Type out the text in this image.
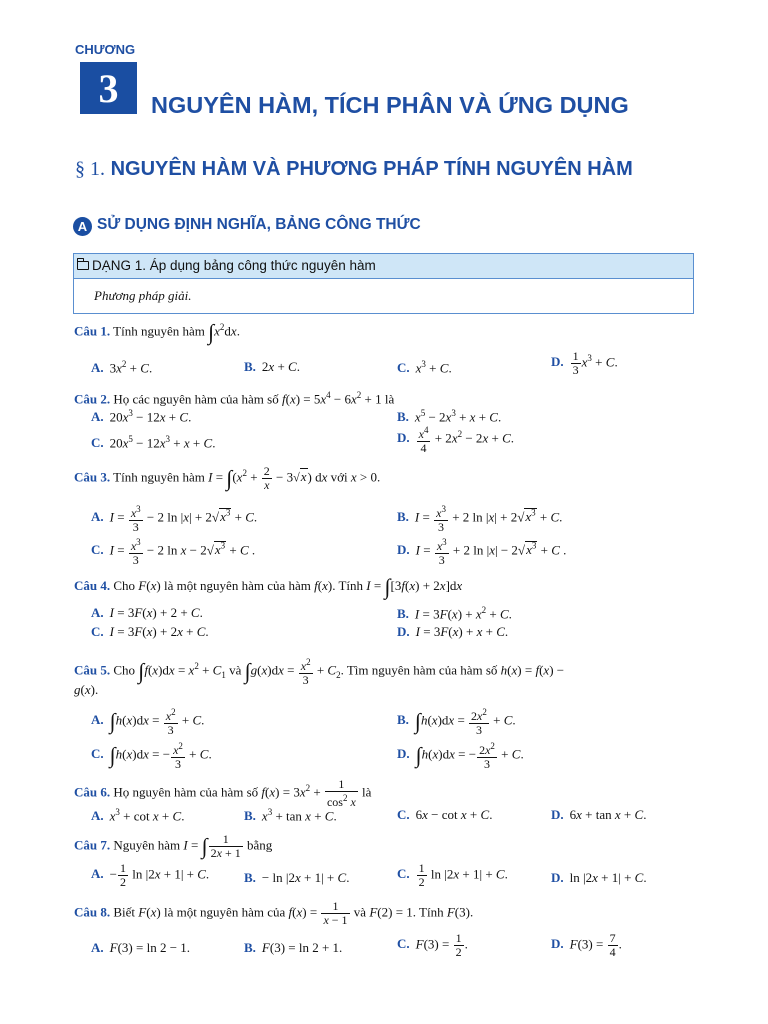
CHƯƠNG
3	NGUYÊN HÀM, TÍCH PHÂN VÀ ỨNG DỤNG
§ 1. NGUYÊN HÀM VÀ PHƯƠNG PHÁP TÍNH NGUYÊN HÀM
A SỬ DỤNG ĐỊNH NGHĨA, BẢNG CÔNG THỨC
DẠNG 1. Áp dụng bảng công thức nguyên hàm
Phương pháp giải.
Câu 1. Tính nguyên hàm $\int x^2dx$.
A. $3x^2 + C$.	B. 2x + C.	C. $x^3 + C$.	D. $\frac{1}{3} x^3 + C$.
Câu 2. Họ các nguyên hàm của hàm số $f(x) = 5x^4 - 6x^2 + 1$ là
A. $20x^3 - 12x + C$.	B. $x^5 - 2x^3 + x + C$.
C. $20x^5 - 12x^3 + x + C$.	D. $\frac{x^4}{4} + 2x^2 - 2x + C$.
Câu 3. Tính nguyên hàm $I = \int(x^2 + \frac{2}{x} - 3√x)$ dx với x > 0.
A. $I = \frac{x^3}{3} - 2$ $\ln |x| + 2√x^3 + C$.	B. $I = \frac{x^3}{3} + 2$ $\ln |x| + 2√x^3 + C$.
C. $I = \frac{x^3}{3} - 2$ $\ln x - 2√x^3 + C$ .	D. $I = \frac{x^3}{3} + 2$ $\ln |x| - 2√x^3 + C$ .
Câu 4. Cho F(x) là một nguyên hàm của hàm f(x). Tính I = ∫[3f(x) + 2x]dx
A. I = 3F(x) + 2 + C.	B. $I = 3F(x) + x^2 + C$.
C. I = 3F(x) + 2x + C.	D. I = 3F(x) + x + C.
Câu 5. Cho $\int f(x)dx = x^2 + C_1$ và $\int g(x)dx = \frac{x^2}{3} + C_2$. Tìm nguyên hàm của hàm số h(x) = f(x) −
g(x).
A. $\int h(x)dx = \frac{x^2}{3} + C$.	B. $\int h(x)dx = \frac{2x^2}{3} + C$.
C. ∫h(x)dx = − $\frac{x^2}{3} + C$.	D. ∫h(x)dx = − $\frac{2x^2}{3} + C$.
Câu 6. Họ nguyên hàm của hàm số $f(x) = 3x^2 + \frac{1}{\cos^2 x}$ là
A. $x^3 + \cot x + C$.	B. $x^3 + \tan x + C$.	C. 6x − cot x + C.	D. 6x + tan x + C.
Câu 7. Nguyên hàm I = ∫ $\frac{1}{2x + 1}$ bằng
A. − $\frac{1}{2}$ ln |2x + 1| + C.	B. − ln |2x + 1| + C.	C. $\frac{1}{2}$ ln |2x + 1| + C.	D. ln |2x + 1| + C.
Câu 8. Biết F(x) là một nguyên hàm của $f(x) = \frac{1}{x - 1}$ và F(2) = 1. Tính F(3).
A. F(3) = ln 2 − 1.	B. F(3) = ln 2 + 1.	C. $F(3) = \frac{1}{2}$ .	D. $F(3) = \frac{7}{4}$ .
